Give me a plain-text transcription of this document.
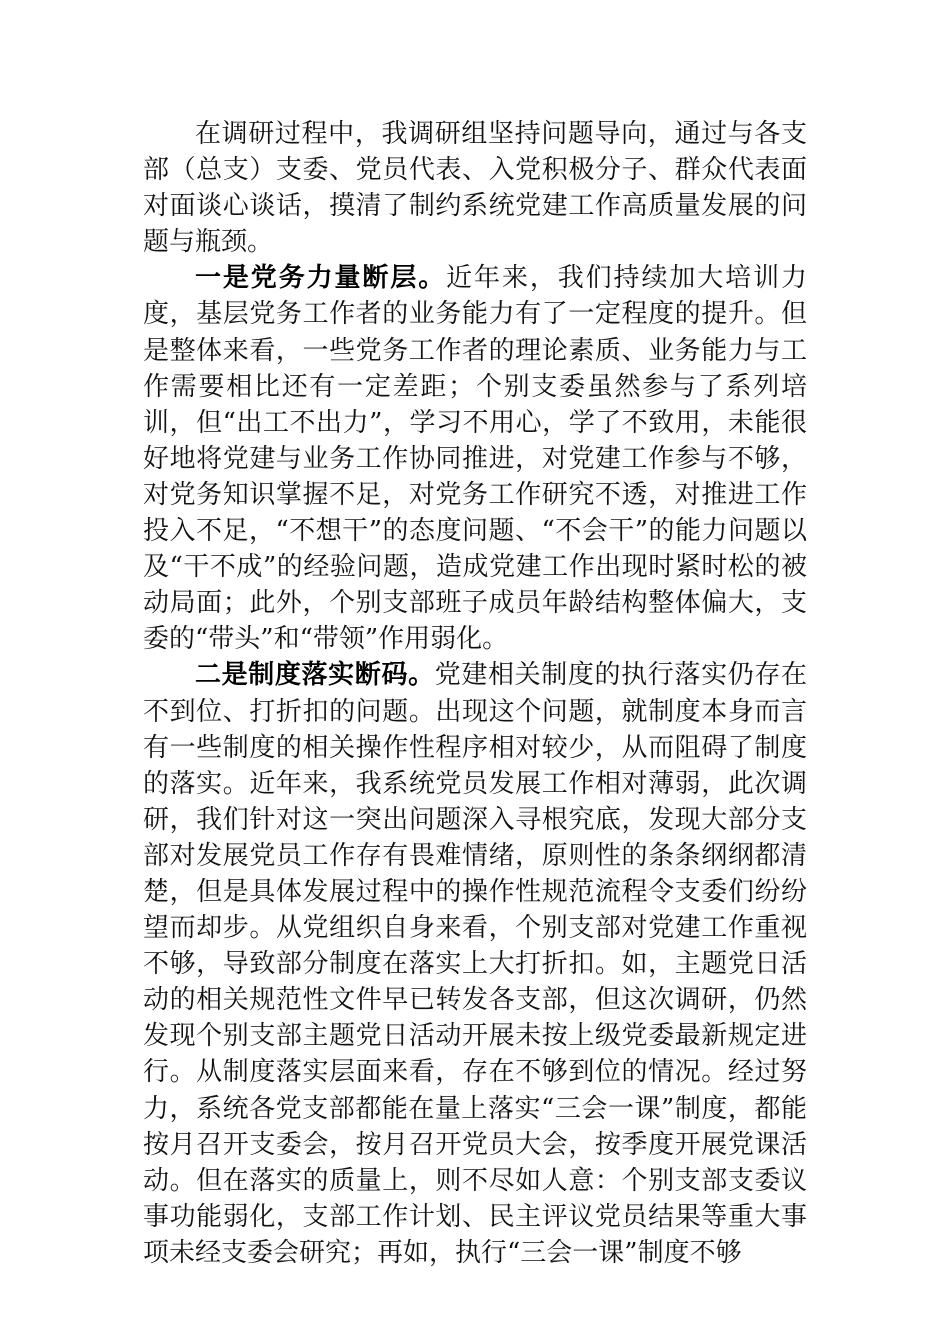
在调研过程中，我调研组坚持问题导向，通过与各支部（总支）支委、党员代表、入党积极分子、群众代表面对面谈心谈话，摸清了制约系统党建工作高质量发展的问题与瓶颈。

一是党务力量断层。近年来，我们持续加大培训力度，基层党务工作者的业务能力有了一定程度的提升。但是整体来看，一些党务工作者的理论素质、业务能力与工作需要相比还有一定差距；个别支委虽然参与了系列培训，但“出工不出力”，学习不用心，学了不致用，未能很好地将党建与业务工作协同推进，对党建工作参与不够，对党务知识掌握不足，对党务工作研究不透，对推进工作投入不足，“不想干”的态度问题、“不会干”的能力问题以及“干不成”的经验问题，造成党建工作出现时紧时松的被动局面；此外，个别支部班子成员年龄结构整体偏大，支委的“带头”和“带领”作用弱化。

二是制度落实断码。党建相关制度的执行落实仍存在不到位、打折扣的问题。出现这个问题，就制度本身而言有一些制度的相关操作性程序相对较少，从而阻碍了制度的落实。近年来，我系统党员发展工作相对薄弱，此次调研，我们针对这一突出问题深入寻根究底，发现大部分支部对发展党员工作存有畏难情绪，原则性的条条纲纲都清楚，但是具体发展过程中的操作性规范流程令支委们纷纷望而却步。从党组织自身来看，个别支部对党建工作重视不够，导致部分制度在落实上大打折扣。如，主题党日活动的相关规范性文件早已转发各支部，但这次调研，仍然发现个别支部主题党日活动开展未按上级党委最新规定进行。从制度落实层面来看，存在不够到位的情况。经过努力，系统各党支部都能在量上落实“三会一课”制度，都能按月召开支委会，按月召开党员大会，按季度开展党课活动。但在落实的质量上，则不尽如人意：个别支部支委议事功能弱化，支部工作计划、民主评议党员结果等重大事项未经支委会研究；再如，执行“三会一课”制度不够
